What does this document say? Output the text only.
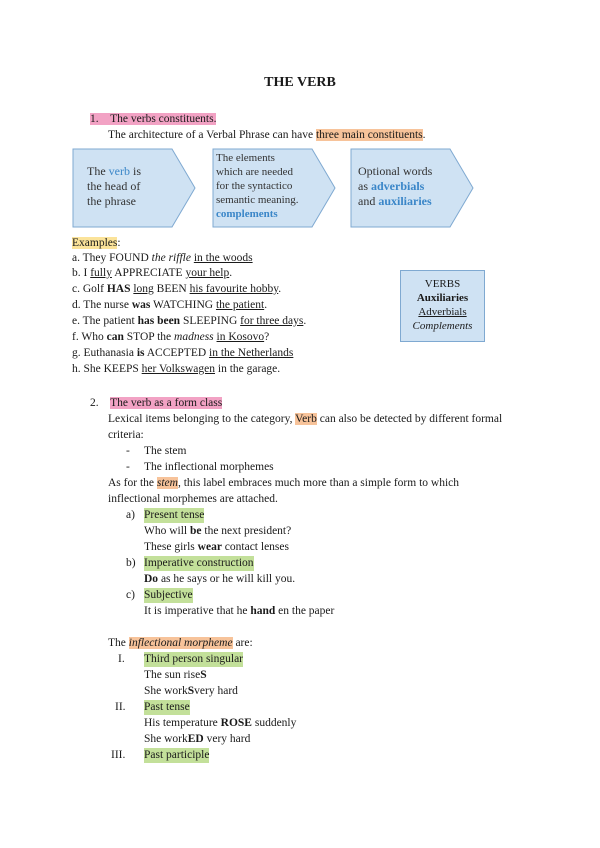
THE VERB
1. The verbs constituents.
The architecture of a Verbal Phrase can have three main constituents.
The verb is
the head of
the phrase
The elements
which are needed
for the syntactico
semantic meaning.
complements
Optional words
as adverbials
and auxiliaries
Examples:
a. They FOUND the riffle in the woods
b. I fully APPRECIATE your help.
c. Golf HAS long BEEN his favourite hobby.
d. The nurse was WATCHING the patient.
e. The patient has been SLEEPING for three days.
f. Who can STOP the madness in Kosovo?
g. Euthanasia is ACCEPTED in the Netherlands
h. She KEEPS her Volkswagen in the garage.
VERBS
Auxiliaries
Adverbials
Complements
2. The verb as a form class
Lexical items belonging to the category, Verb can also be detected by different formal
criteria:
- The stem
- The inflectional morphemes
As for the stem, this label embraces much more than a simple form to which
inflectional morphemes are attached.
a) Present tense
Who will be the next president?
These girls wear contact lenses
b) Imperative construction
Do as he says or he will kill you.
c) Subjective
It is imperative that he hand en the paper
The inflectional morpheme are:
I. Third person singular
The sun riseS
She workSvery hard
II. Past tense
His temperature ROSE suddenly
She workED very hard
III. Past participle
